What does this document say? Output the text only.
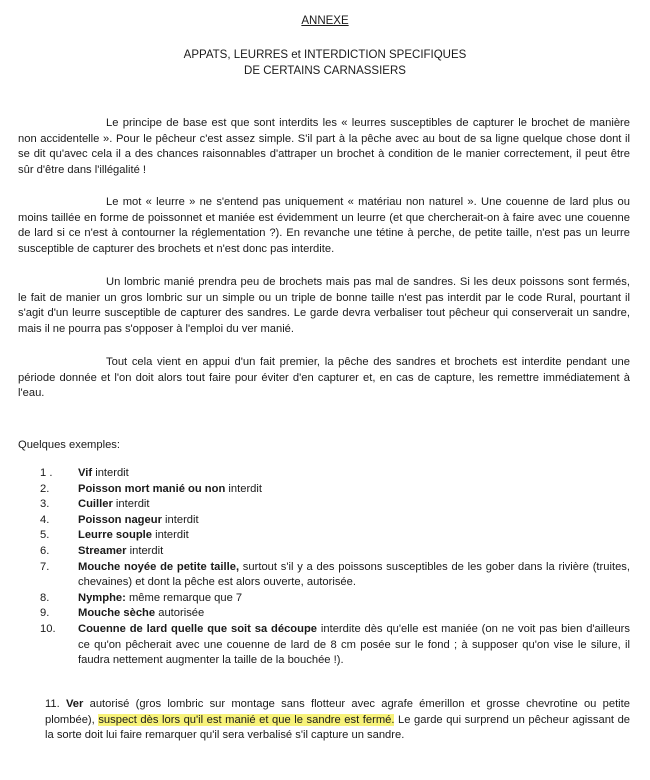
ANNEXE
APPATS, LEURRES et INTERDICTION SPECIFIQUES
DE CERTAINS CARNASSIERS

Le principe de base est que sont interdits les « leurres susceptibles de capturer le brochet de manière non accidentelle ». Pour le pêcheur c'est assez simple. S'il part à la pêche avec au bout de sa ligne quelque chose dont il se dit qu'avec cela il a des chances raisonnables d'attraper un brochet à condition de le manier correctement, il peut être sûr d'être dans l'illégalité !

Le mot « leurre » ne s'entend pas uniquement « matériau non naturel ». Une couenne de lard plus ou moins taillée en forme de poissonnet et maniée est évidemment un leurre (et que chercherait-on à faire avec une couenne de lard si ce n'est à contourner la réglementation ?). En revanche une tétine à perche, de petite taille, n'est pas un leurre susceptible de capturer des brochets et n'est donc pas interdite.

Un lombric manié prendra peu de brochets mais pas mal de sandres. Si les deux poissons sont fermés, le fait de manier un gros lombric sur un simple ou un triple de bonne taille n'est pas interdit par le code Rural, pourtant il s'agit d'un leurre susceptible de capturer des sandres. Le garde devra verbaliser tout pêcheur qui conserverait un sandre, mais il ne pourra pas s'opposer à l'emploi du ver manié.

Tout cela vient en appui d'un fait premier, la pêche des sandres et brochets est interdite pendant une période donnée et l'on doit alors tout faire pour éviter d'en capturer et, en cas de capture, les remettre immédiatement à l'eau.

Quelques exemples:
1 . Vif interdit
2.	Poisson mort manié ou non interdit
3.	Cuiller interdit
4.	Poisson nageur interdit
5.	Leurre souple interdit
6.	Streamer interdit
7.	Mouche noyée de petite taille, surtout s'il y a des poissons susceptibles de les gober dans la rivière (truites, chevaines) et dont la pêche est alors ouverte, autorisée.
8.	Nymphe: même remarque que 7
9.	Mouche sèche autorisée
10. Couenne de lard quelle que soit sa découpe interdite dès qu'elle est maniée (on ne voit pas bien d'ailleurs ce qu'on pêcherait avec une couenne de lard de 8 cm posée sur le fond ; à supposer qu'on vise le silure, il faudra nettement augmenter la taille de la bouchée !).

11. Ver autorisé (gros lombric sur montage sans flotteur avec agrafe émerillon et grosse chevrotine ou petite plombée), suspect dès lors qu'il est manié et que le sandre est fermé. Le garde qui surprend un pêcheur agissant de la sorte doit lui faire remarquer qu'il sera verbalisé s'il capture un sandre.
